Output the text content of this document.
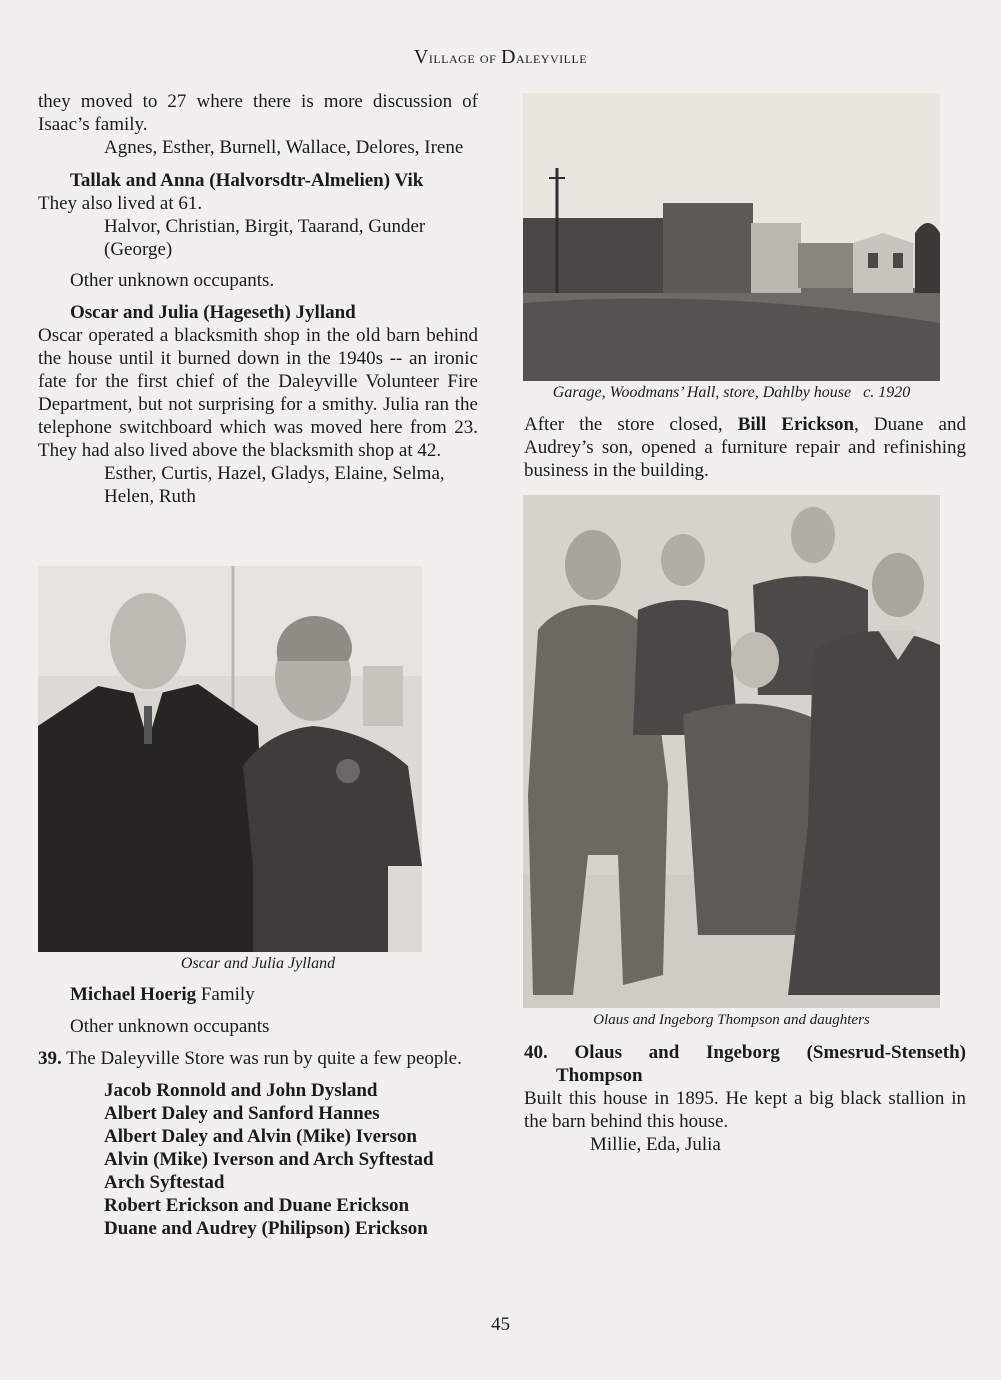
Village of Daleyville

they moved to 27 where there is more discussion of Isaac’s family.

Agnes, Esther, Burnell, Wallace, Delores, Irene

Tallak and Anna (Halvorsdtr-Almelien) Vik

They also lived at 61.

Halvor, Christian, Birgit, Taarand, Gunder (George)

Other unknown occupants.

Oscar and Julia (Hageseth) Jylland

Oscar operated a blacksmith shop in the old barn behind the house until it burned down in the 1940s -- an ironic fate for the first chief of the Daleyville Volunteer Fire Department, but not surprising for a smithy. Julia ran the telephone switchboard which was moved here from 23. They had also lived above the blacksmith shop at 42.

Esther, Curtis, Hazel, Gladys, Elaine, Selma, Helen, Ruth

Oscar and Julia Jylland

Michael Hoerig Family

Other unknown occupants

39. The Daleyville Store was run by quite a few people.

Jacob Ronnold and John Dysland

Albert Daley and Sanford Hannes

Albert Daley and Alvin (Mike) Iverson

Alvin (Mike) Iverson and Arch Syftestad

Arch Syftestad

Robert Erickson and Duane Erickson

Duane and Audrey (Philipson) Erickson

Garage, Woodmans’ Hall, store, Dahlby house c. 1920
After the store closed, Bill Erickson, Duane and Audrey’s son, opened a furniture repair and refinishing business in the building.
Olaus and Ingeborg Thompson and daughters

40. Olaus and Ingeborg (Smesrud-Stenseth)

Thompson

Built this house in 1895. He kept a big black stallion in the barn behind this house.

Millie, Eda, Julia

45
